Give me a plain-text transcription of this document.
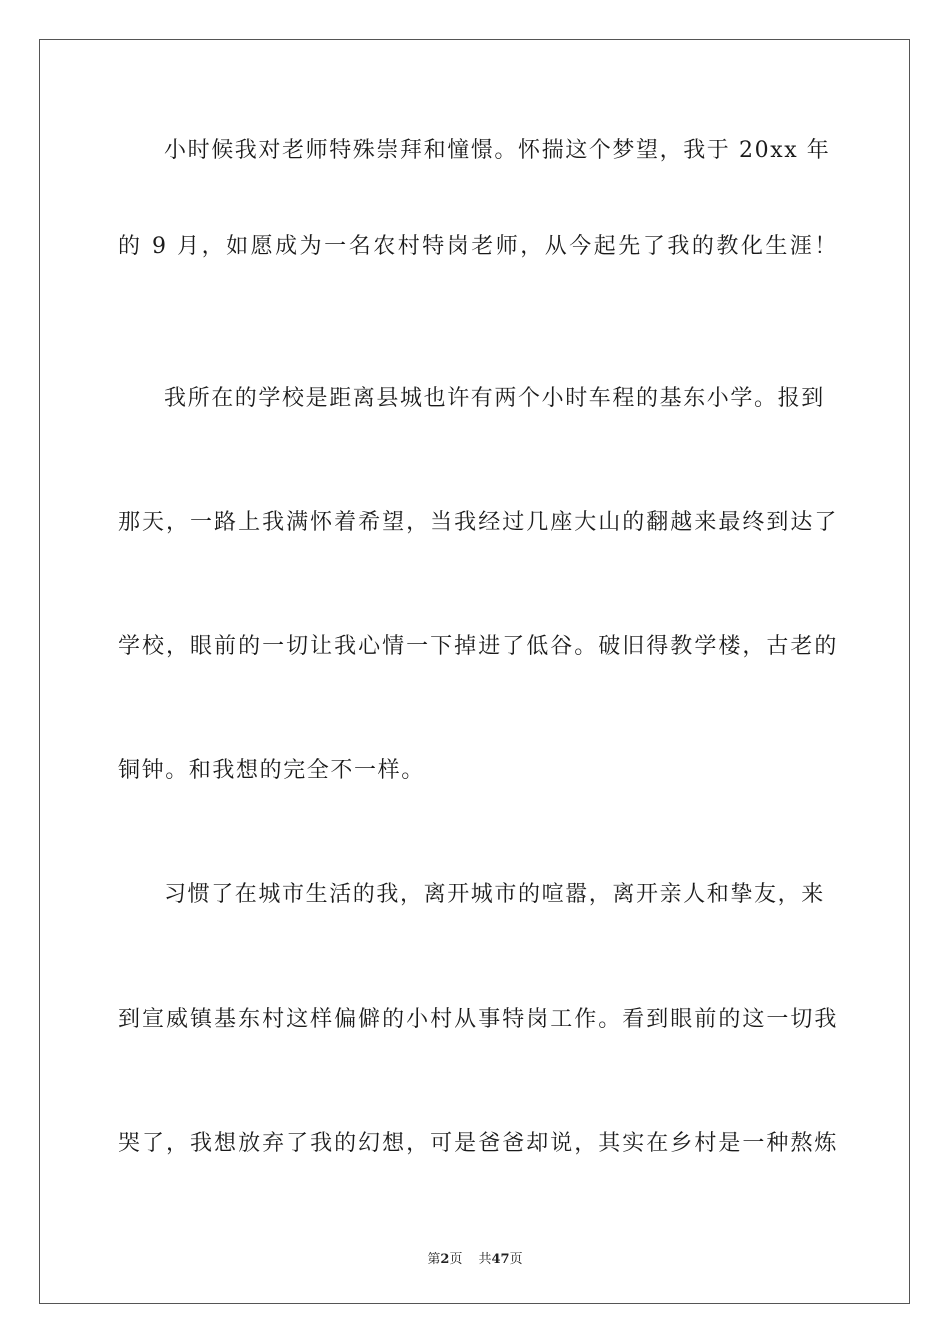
小时候我对老师特殊崇拜和憧憬。怀揣这个梦望，我于 20xx 年

的 9 月，如愿成为一名农村特岗老师，从今起先了我的教化生涯！

我所在的学校是距离县城也许有两个小时车程的基东小学。报到

那天，一路上我满怀着希望，当我经过几座大山的翻越来最终到达了

学校，眼前的一切让我心情一下掉进了低谷。破旧得教学楼，古老的

铜钟。和我想的完全不一样。

习惯了在城市生活的我，离开城市的喧嚣，离开亲人和挚友，来

到宣威镇基东村这样偏僻的小村从事特岗工作。看到眼前的这一切我

哭了，我想放弃了我的幻想，可是爸爸却说，其实在乡村是一种熬炼

第2页 共47页
